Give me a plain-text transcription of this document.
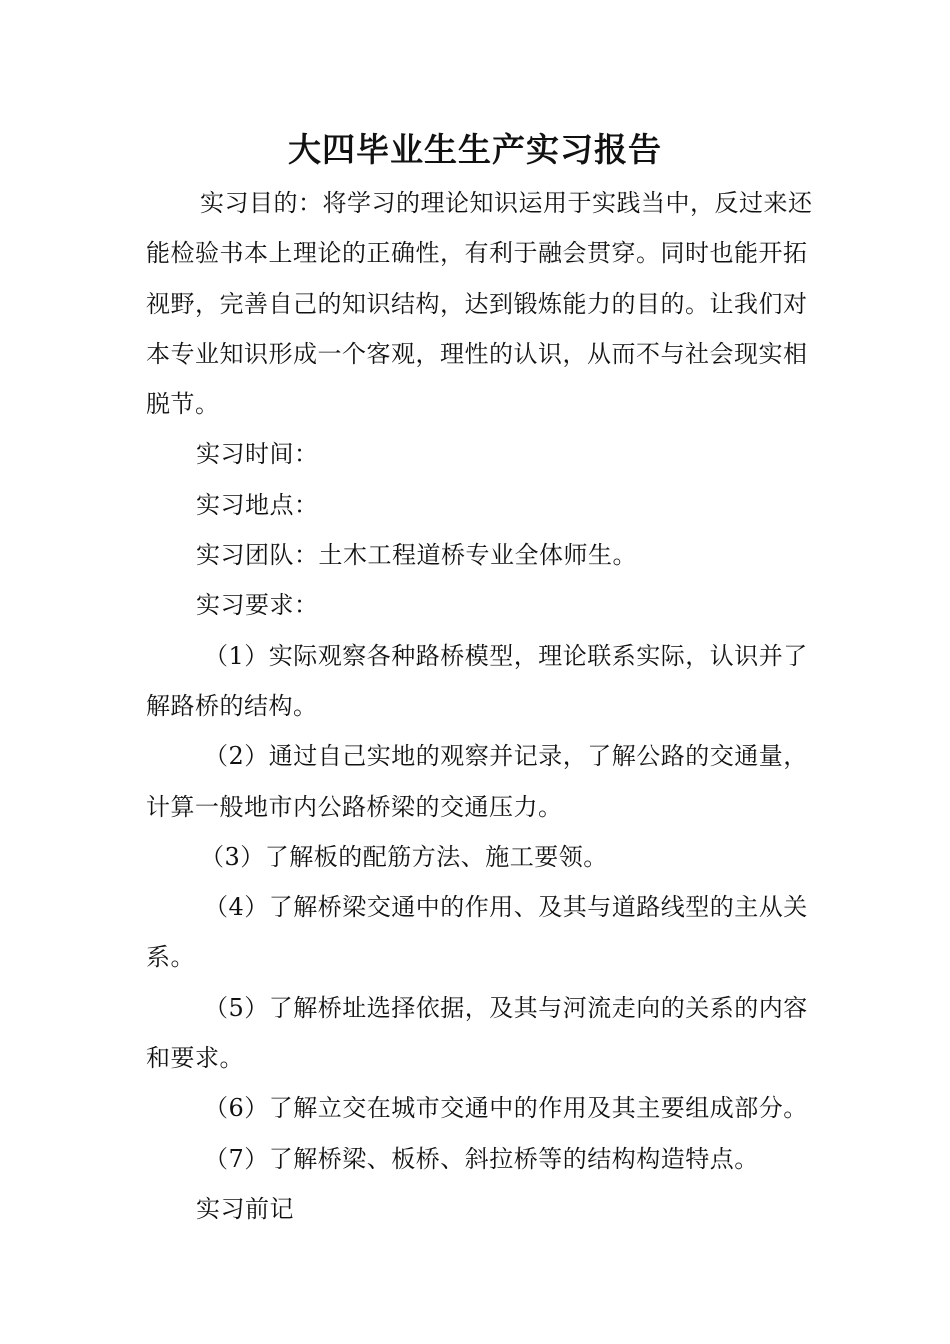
大四毕业生生产实习报告

实习目的：将学习的理论知识运用于实践当中，反过来还能检验书本上理论的正确性，有利于融会贯穿。同时也能开拓视野，完善自己的知识结构，达到锻炼能力的目的。让我们对本专业知识形成一个客观，理性的认识，从而不与社会现实相脱节。

实习时间：

实习地点：

实习团队：土木工程道桥专业全体师生。

实习要求：

（1）实际观察各种路桥模型，理论联系实际，认识并了解路桥的结构。

（2）通过自己实地的观察并记录，了解公路的交通量，计算一般地市内公路桥梁的交通压力。

（3）了解板的配筋方法、施工要领。

（4）了解桥梁交通中的作用、及其与道路线型的主从关系。

（5）了解桥址选择依据，及其与河流走向的关系的内容和要求。

（6）了解立交在城市交通中的作用及其主要组成部分。

（7）了解桥梁、板桥、斜拉桥等的结构构造特点。

实习前记
